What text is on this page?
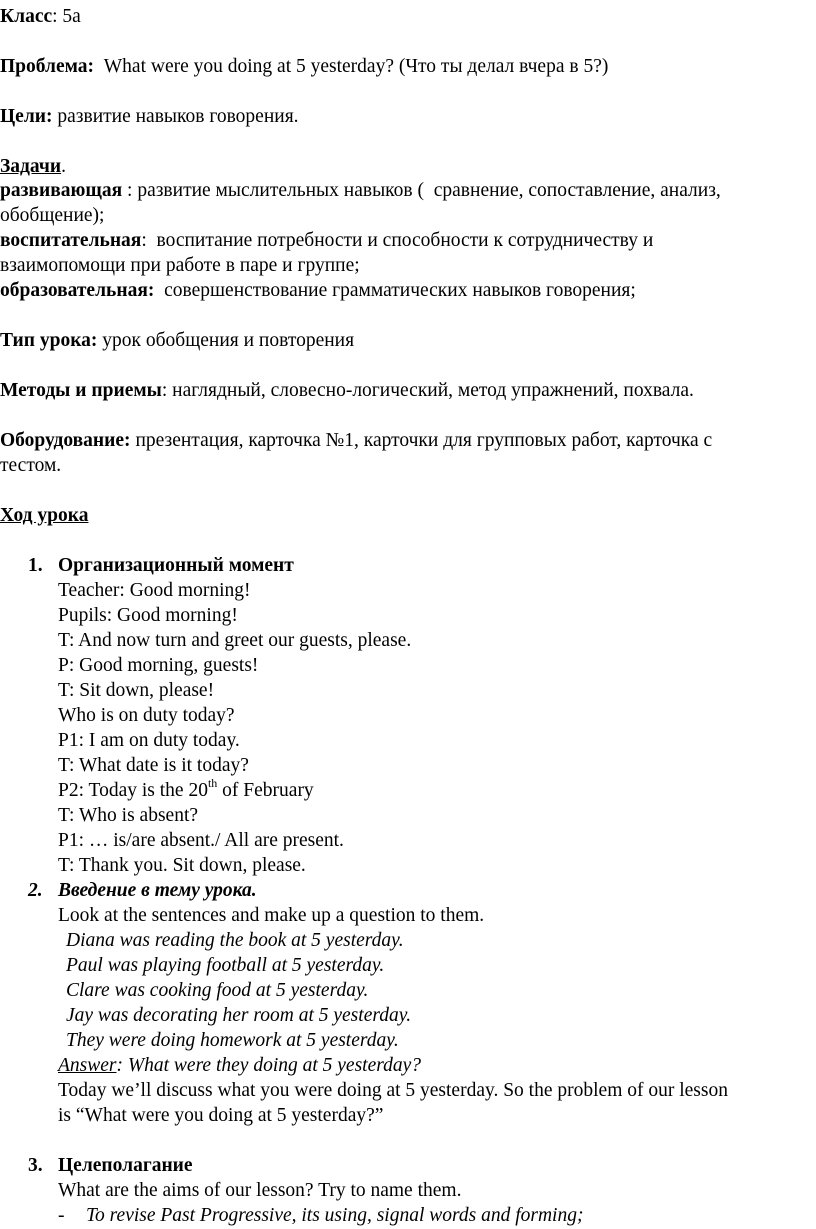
Класс: 5а
Проблема:  What were you doing at 5 yesterday? (Что ты делал вчера в 5?)
Цели: развитие навыков говорения.
Задачи.
развивающая : развитие мыслительных навыков (  сравнение, сопоставление, анализ,
обобщение);
воспитательная:  воспитание потребности и способности к сотрудничеству и
взаимопомощи при работе в паре и группе;
образовательная:  совершенствование грамматических навыков говорения;
Тип урока: урок обобщения и повторения
Методы и приемы: наглядный, словесно-логический, метод упражнений, похвала.
Оборудование: презентация, карточка №1, карточки для групповых работ, карточка с
тестом.
Ход урока
1. Организационный момент
Teacher: Good morning!
Pupils: Good morning!
T: And now turn and greet our guests, please.
P: Good morning, guests!
T: Sit down, please!
Who is on duty today?
P1: I am on duty today.
T: What date is it today?
P2: Today is the 20th of February
T: Who is absent?
P1: … is/are absent./ All are present.
T: Thank you. Sit down, please.
2. Введение в тему урока.
Look at the sentences and make up a question to them.
Diana was reading the book at 5 yesterday.
Paul was playing football at 5 yesterday.
Clare was cooking food at 5 yesterday.
Jay was decorating her room at 5 yesterday.
They were doing homework at 5 yesterday.
Answer: What were they doing at 5 yesterday?
Today we’ll discuss what you were doing at 5 yesterday. So the problem of our lesson
is “What were you doing at 5 yesterday?”
3. Целеполагание
What are the aims of our lesson? Try to name them.
- To revise Past Progressive, its using, signal words and forming;
